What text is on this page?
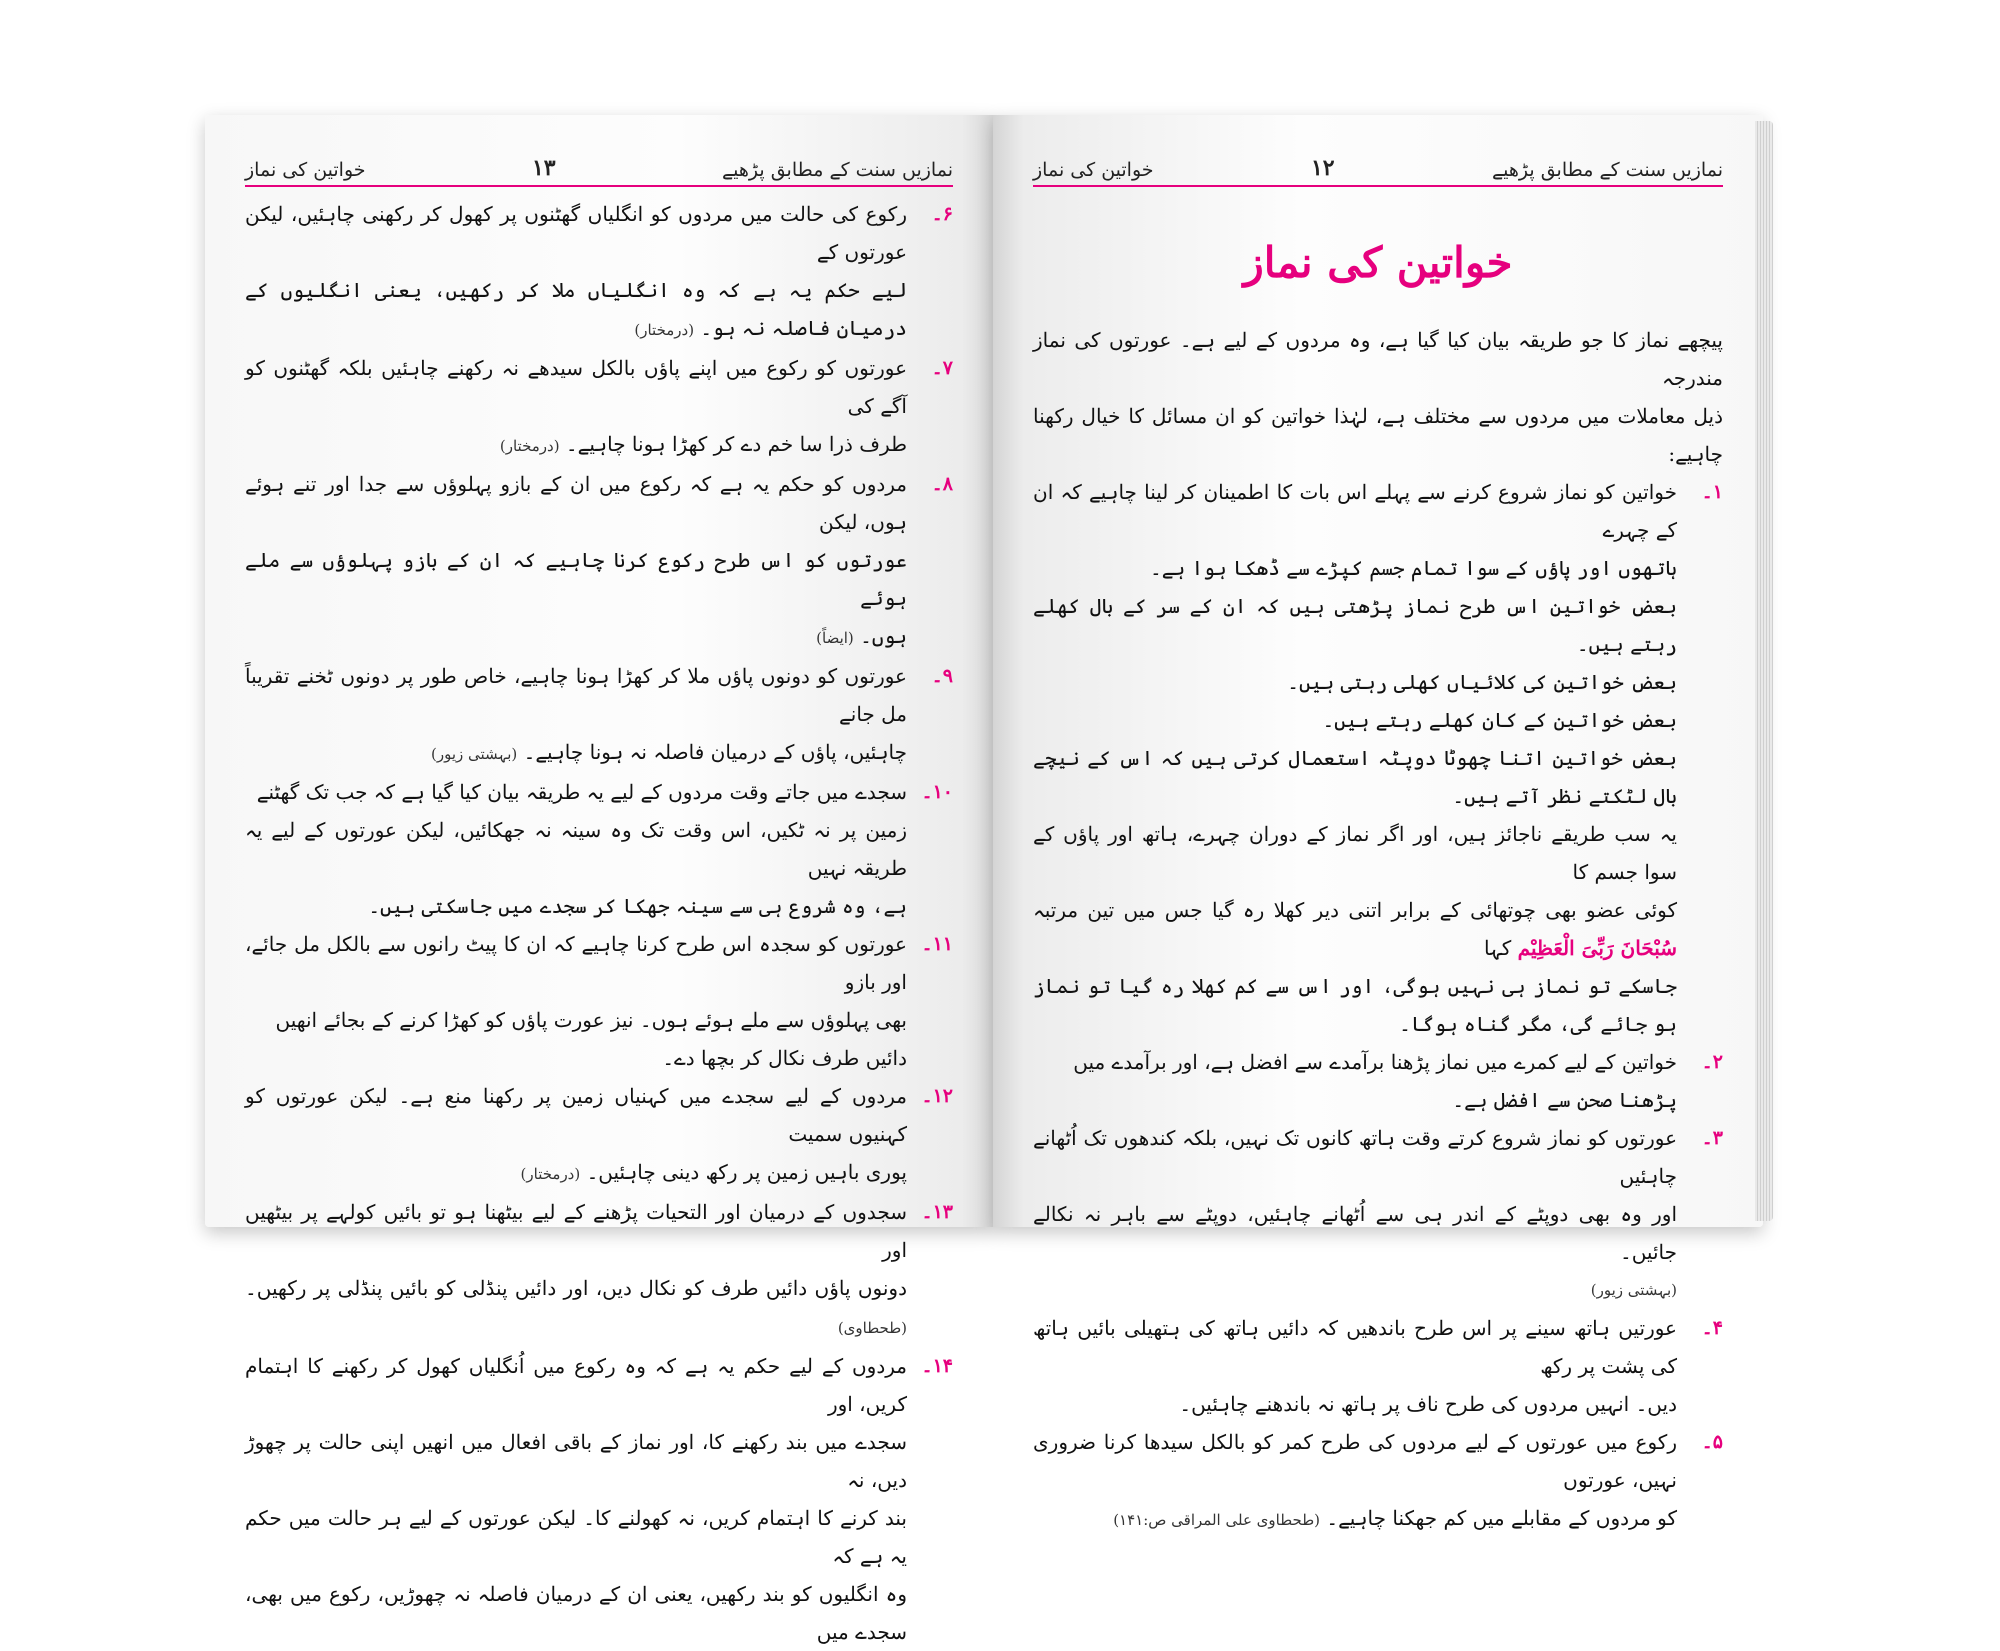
نمازیں سنت کے مطابق پڑھیے
۱۳
خواتین کی نماز
۶۔

رکوع کی حالت میں مردوں کو انگلیاں گھٹنوں پر کھول کر رکھنی چاہئیں، لیکن عورتوں کے

لیے حکم یہ ہے کہ وہ انگلیاں ملا کر رکھیں، یعنی انگلیوں کے درمیان فاصلہ نہ ہو۔ (درمختار)

۷۔

عورتوں کو رکوع میں اپنے پاؤں بالکل سیدھے نہ رکھنے چاہئیں بلکہ گھٹنوں کو آگے کی

طرف ذرا سا خم دے کر کھڑا ہونا چاہیے۔ (درمختار)

۸۔

مردوں کو حکم یہ ہے کہ رکوع میں ان کے بازو پہلوؤں سے جدا اور تنے ہوئے ہوں، لیکن

عورتوں کو اس طرح رکوع کرنا چاہیے کہ ان کے بازو پہلوؤں سے ملے ہوئے

ہوں۔ (ایضاً)

۹۔

عورتوں کو دونوں پاؤں ملا کر کھڑا ہونا چاہیے، خاص طور پر دونوں ٹخنے تقریباً مل جانے

چاہئیں، پاؤں کے درمیان فاصلہ نہ ہونا چاہیے۔ (بہشتی زیور)

۱۰۔

سجدے میں جاتے وقت مردوں کے لیے یہ طریقہ بیان کیا گیا ہے کہ جب تک گھٹنے

زمین پر نہ ٹکیں، اس وقت تک وہ سینہ نہ جھکائیں، لیکن عورتوں کے لیے یہ طریقہ نہیں

ہے، وہ شروع ہی سے سینہ جھکا کر سجدے میں جاسکتی ہیں۔

۱۱۔

عورتوں کو سجدہ اس طرح کرنا چاہیے کہ ان کا پیٹ رانوں سے بالکل مل جائے، اور بازو

بھی پہلوؤں سے ملے ہوئے ہوں۔ نیز عورت پاؤں کو کھڑا کرنے کے بجائے انھیں

دائیں طرف نکال کر بچھا دے۔

۱۲۔

مردوں کے لیے سجدے میں کہنیاں زمین پر رکھنا منع ہے۔ لیکن عورتوں کو کہنیوں سمیت

پوری باہیں زمین پر رکھ دینی چاہئیں۔ (درمختار)

۱۳۔

سجدوں کے درمیان اور التحیات پڑھنے کے لیے بیٹھنا ہو تو بائیں کولہے پر بیٹھیں اور

دونوں پاؤں دائیں طرف کو نکال دیں، اور دائیں پنڈلی کو بائیں پنڈلی پر رکھیں۔ (طحطاوی)

۱۴۔

مردوں کے لیے حکم یہ ہے کہ وہ رکوع میں اُنگلیاں کھول کر رکھنے کا اہتمام کریں، اور

سجدے میں بند رکھنے کا، اور نماز کے باقی افعال میں انھیں اپنی حالت پر چھوڑ دیں، نہ

بند کرنے کا اہتمام کریں، نہ کھولنے کا۔ لیکن عورتوں کے لیے ہر حالت میں حکم یہ ہے کہ

وہ انگلیوں کو بند رکھیں، یعنی ان کے درمیان فاصلہ نہ چھوڑیں، رکوع میں بھی، سجدے میں

نمازیں سنت کے مطابق پڑھیے
۱۲
خواتین کی نماز
خواتین کی نماز

پیچھے نماز کا جو طریقہ بیان کیا گیا ہے، وہ مردوں کے لیے ہے۔ عورتوں کی نماز مندرجہ

ذیل معاملات میں مردوں سے مختلف ہے، لہٰذا خواتین کو ان مسائل کا خیال رکھنا چاہیے:

۱۔

خواتین کو نماز شروع کرنے سے پہلے اس بات کا اطمینان کر لینا چاہیے کہ ان کے چہرے

ہاتھوں اور پاؤں کے سوا تمام جسم کپڑے سے ڈھکا ہوا ہے۔

بعض خواتین اس طرح نماز پڑھتی ہیں کہ ان کے سر کے بال کھلے رہتے ہیں۔

بعض خواتین کی کلائیاں کھلی رہتی ہیں۔

بعض خواتین کے کان کھلے رہتے ہیں۔

بعض خواتین اتنا چھوٹا دوپٹہ استعمال کرتی ہیں کہ اس کے نیچے بال لٹکتے نظر آتے ہیں۔

یہ سب طریقے ناجائز ہیں، اور اگر نماز کے دوران چہرے، ہاتھ اور پاؤں کے سوا جسم کا

کوئی عضو بھی چوتھائی کے برابر اتنی دیر کھلا رہ گیا جس میں تین مرتبہ سُبْحَانَ رَبِّیَ الْعَظِیْم کہا

جاسکے تو نماز ہی نہیں ہوگی، اور اس سے کم کھلا رہ گیا تو نماز ہو جائے گی، مگر گناہ ہوگا۔

۲۔

خواتین کے لیے کمرے میں نماز پڑھنا برآمدے سے افضل ہے، اور برآمدے میں

پڑھنا صحن سے افضل ہے۔

۳۔

عورتوں کو نماز شروع کرتے وقت ہاتھ کانوں تک نہیں، بلکہ کندھوں تک اُٹھانے چاہئیں

اور وہ بھی دوپٹے کے اندر ہی سے اُٹھانے چاہئیں، دوپٹے سے باہر نہ نکالے جائیں۔

(بہشتی زیور)

۴۔

عورتیں ہاتھ سینے پر اس طرح باندھیں کہ دائیں ہاتھ کی ہتھیلی بائیں ہاتھ کی پشت پر رکھ

دیں۔ انہیں مردوں کی طرح ناف پر ہاتھ نہ باندھنے چاہئیں۔

۵۔

رکوع میں عورتوں کے لیے مردوں کی طرح کمر کو بالکل سیدھا کرنا ضروری نہیں، عورتوں

کو مردوں کے مقابلے میں کم جھکنا چاہیے۔ (طحطاوی علی المراقی ص:۱۴۱)
